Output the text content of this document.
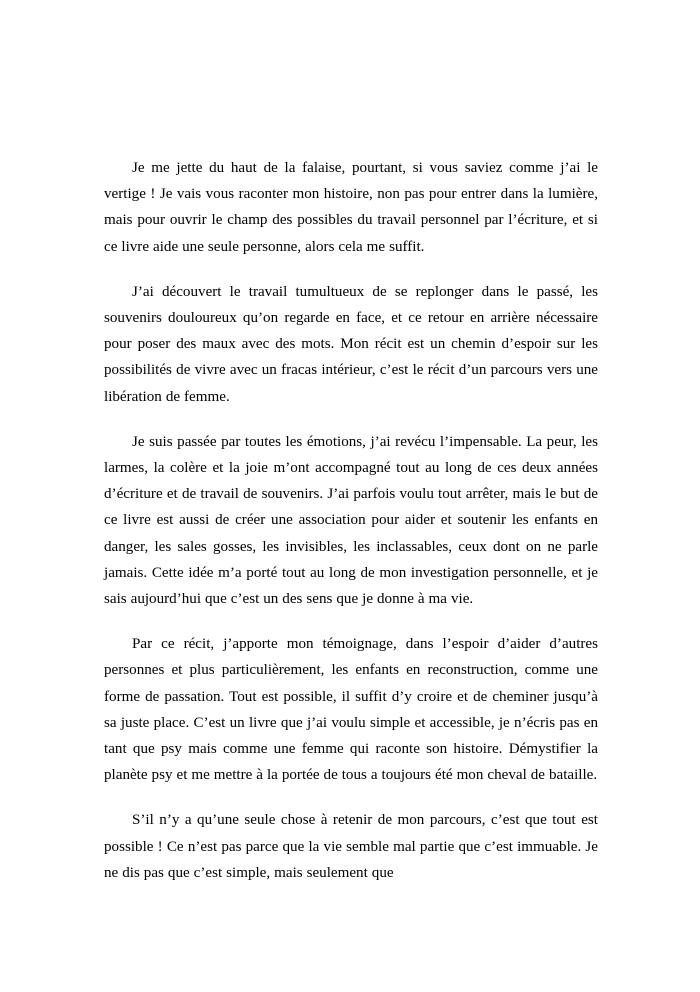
Je me jette du haut de la falaise, pourtant, si vous saviez comme j’ai le vertige ! Je vais vous raconter mon histoire, non pas pour entrer dans la lumière, mais pour ouvrir le champ des possibles du travail personnel par l’écriture, et si ce livre aide une seule personne, alors cela me suffit.

J’ai découvert le travail tumultueux de se replonger dans le passé, les souvenirs douloureux qu’on regarde en face, et ce retour en arrière nécessaire pour poser des maux avec des mots. Mon récit est un chemin d’espoir sur les possibilités de vivre avec un fracas intérieur, c’est le récit d’un parcours vers une libération de femme.

Je suis passée par toutes les émotions, j’ai revécu l’impensable. La peur, les larmes, la colère et la joie m’ont accompagné tout au long de ces deux années d’écriture et de travail de souvenirs. J’ai parfois voulu tout arrêter, mais le but de ce livre est aussi de créer une association pour aider et soutenir les enfants en danger, les sales gosses, les invisibles, les inclassables, ceux dont on ne parle jamais. Cette idée m’a porté tout au long de mon investigation personnelle, et je sais aujourd’hui que c’est un des sens que je donne à ma vie.

Par ce récit, j’apporte mon témoignage, dans l’espoir d’aider d’autres personnes et plus particulièrement, les enfants en reconstruction, comme une forme de passation. Tout est possible, il suffit d’y croire et de cheminer jusqu’à sa juste place. C’est un livre que j’ai voulu simple et accessible, je n’écris pas en tant que psy mais comme une femme qui raconte son histoire. Démystifier la planète psy et me mettre à la portée de tous a toujours été mon cheval de bataille.

S’il n’y a qu’une seule chose à retenir de mon parcours, c’est que tout est possible ! Ce n’est pas parce que la vie semble mal partie que c’est immuable. Je ne dis pas que c’est simple, mais seulement que
